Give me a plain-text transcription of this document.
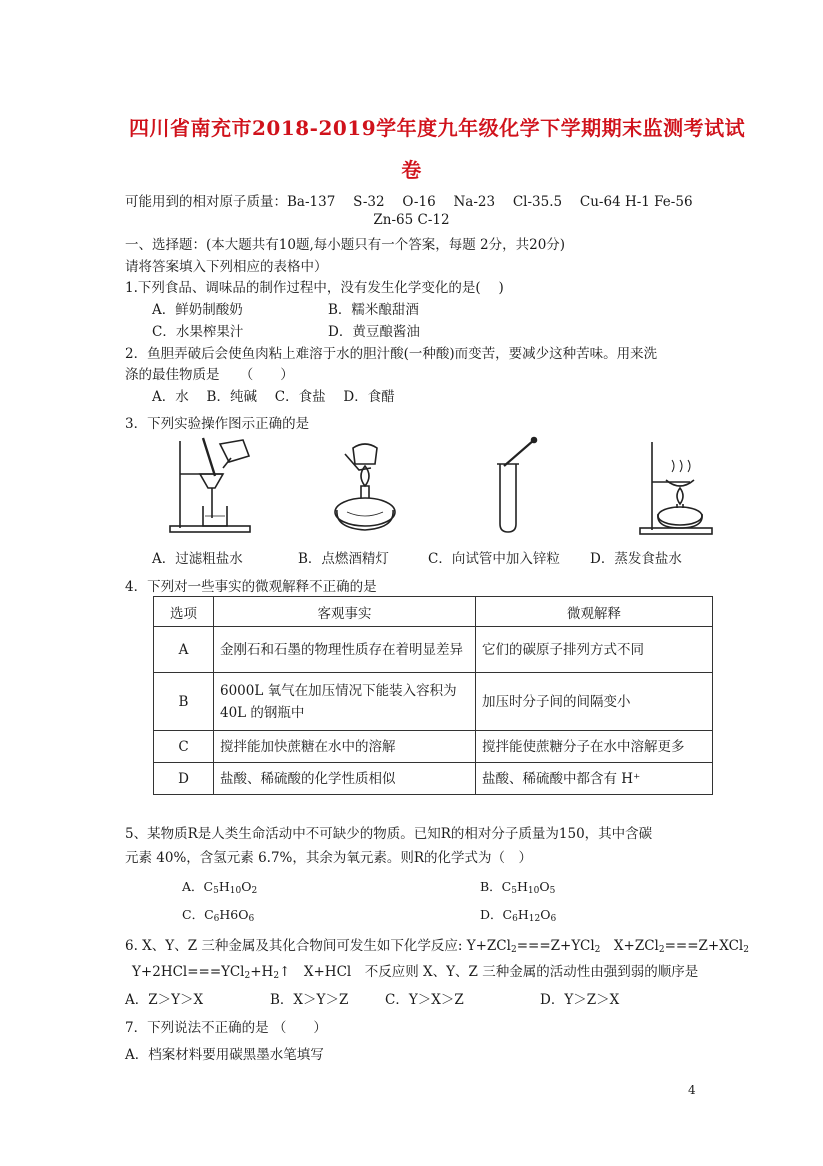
四川省南充市2018-2019学年度九年级化学下学期期末监测考试试
卷
可能用到的相对原子质量：Ba-137　 S-32　 O-16　 Na-23　 Cl-35.5　 Cu-64 H-1 Fe-56
Zn-65 C-12
一、选择题：(本大题共有10题,每小题只有一个答案，每题 2分，共20分)
请将答案填入下列相应的表格中）
1.下列食品、调味品的制作过程中，没有发生化学变化的是(　 )
A．鲜奶制酸奶	B．糯米酿甜酒
C．水果榨果汁	D．黄豆酿酱油
2．鱼胆弄破后会使鱼肉粘上难溶于水的胆汁酸(一种酸)而变苦，要减少这种苦味。用来洗
涤的最佳物质是　　（　　）
A．水　 B．纯碱　 C．食盐　 D．食醋
3．下列实验操作图示正确的是
A．过滤粗盐水	B．点燃酒精灯	C．向试管中加入锌粒 D．蒸发食盐水
4．下列对一些事实的微观解释不正确的是
选项	客观事实	微观解释
A	金刚石和石墨的物理性质存在着明显差异	它们的碳原子排列方式不同
B	6000L 氧气在加压情况下能装入容积为 40L 的钢瓶中	加压时分子间的间隔变小
C	搅拌能加快蔗糖在水中的溶解	搅拌能使蔗糖分子在水中溶解更多
D	盐酸、稀硫酸的化学性质相似	盐酸、稀硫酸中都含有 H⁺
5、某物质R是人类生命活动中不可缺少的物质。已知R的相对分子质量为150，其中含碳
元素 40%，含氢元素 6.7%，其余为氧元素。则R的化学式为（　）
A．$C_5H_{10}O_2$	B．$C_5H_{10}O_5$
C．$C_6H6O_6$	D．$C_6H_{12}O_6$
6. X、Y、Z 三种金属及其化合物间可发生如下化学反应: Y+ZCl$_2$===Z+YCl$_2$　X+ZCl$_2$===Z+XCl$_2$
$Y+2HCl===YCl_2+H_2↑$　X+HCl　不反应则 X、Y、Z 三种金属的活动性由强到弱的顺序是
A．Z＞Y＞X	B．X＞Y＞Z	C．Y＞X＞Z	D．Y＞Z＞X
7．下列说法不正确的是 （　　）
A．档案材料要用碳黑墨水笔填写
4
